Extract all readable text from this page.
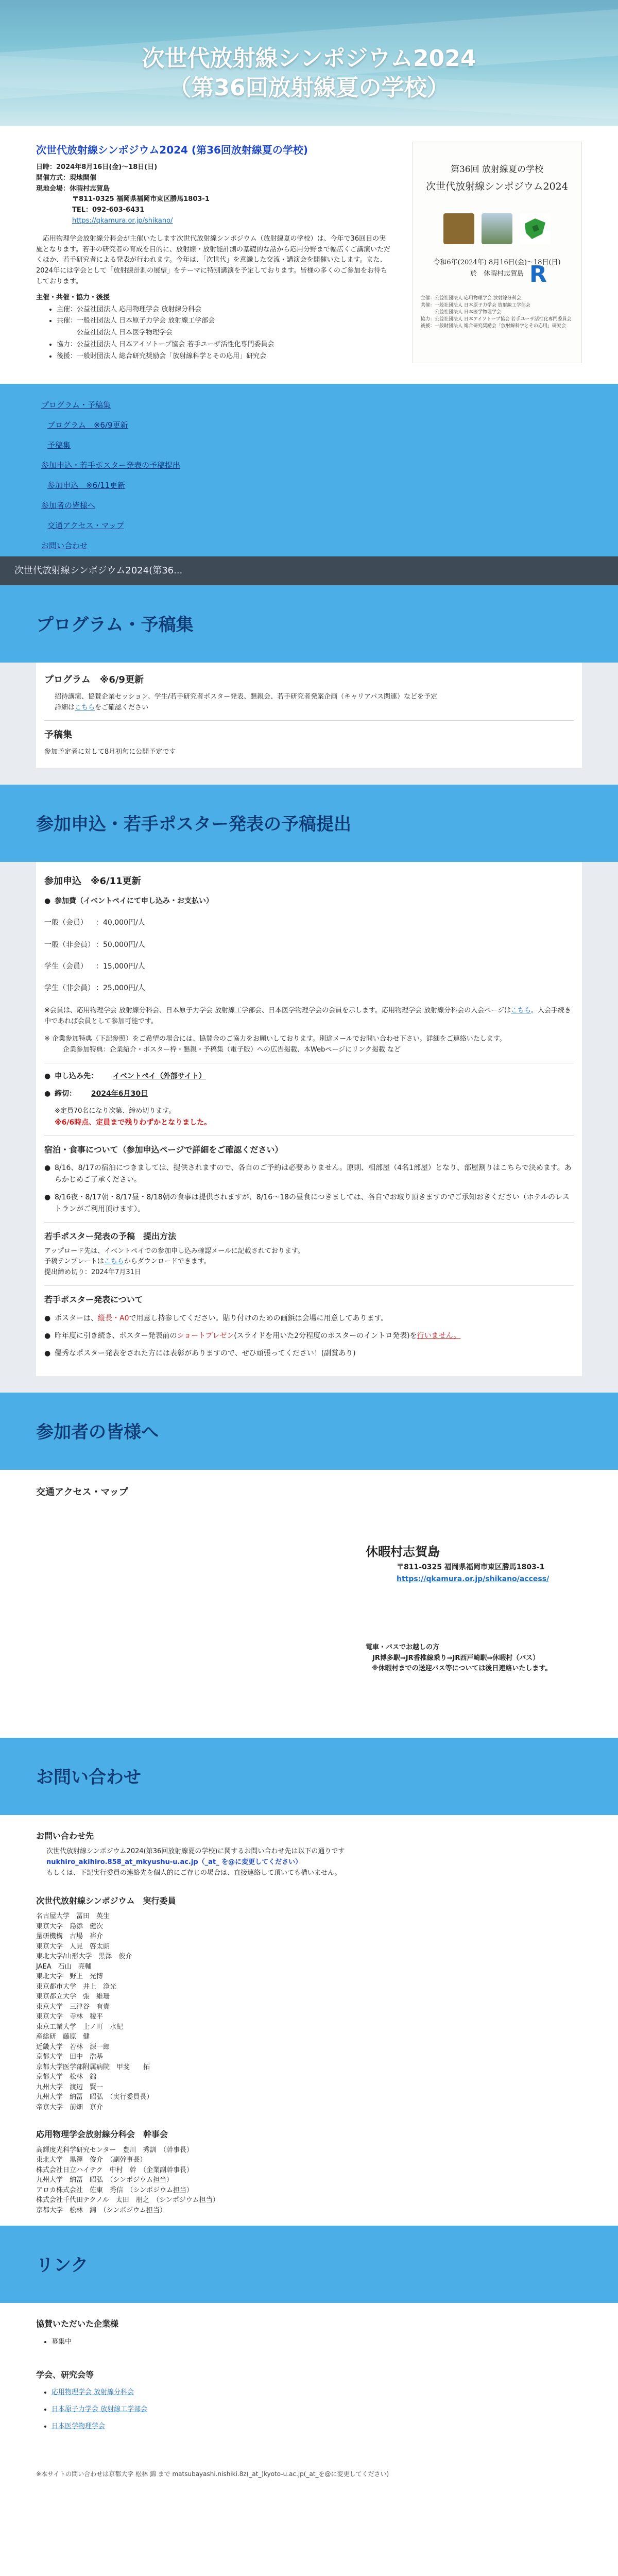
次世代放射線シンポジウム2024
（第36回放射線夏の学校）
次世代放射線シンポジウム2024 (第36回放射線夏の学校)
日時：2024年8月16日(金)〜18日(日)
開催方式：現地開催
現地会場：休暇村志賀島
〒811-0325 福岡県福岡市東区勝馬1803-1
TEL：092-603-6431
https://qkamura.or.jp/shikano/

応用物理学会放射線分科会が主催いたします次世代放射線シンポジウム（放射線夏の学校）は、今年で36回目の実施となります。若手の研究者の育成を目的に、放射線・放射能計測の基礎的な話から応用分野まで幅広くご講演いただくほか、若手研究者による発表が行われます。今年は、「次世代」を意識した交流・講演会を開催いたします。また、2024年には学会として「放射線計測の展望」をテーマに特別講演を予定しております。皆様の多くのご参加をお待ちしております。

主催・共催・協力・後援
• 主催：公益社団法人 応用物理学会 放射線分科会
• 共催：一般社団法人 日本原子力学会 放射線工学部会
　　　公益社団法人 日本医学物理学会
• 協力：公益社団法人 日本アイソトープ協会 若手ユーザ活性化専門委員会
• 後援：一般財団法人 総合研究奨励会「放射線科学とその応用」研究会
第36回 放射線夏の学校
次世代放射線シンポジウム2024
令和6年(2024年) 8月16日(金)〜18日(日)
於　休暇村志賀島
主催：公益社団法人 応用物理学会 放射線分科会
共催：一般社団法人 日本原子力学会 放射線工学部会
　　　公益社団法人 日本医学物理学会
協力：公益社団法人 日本アイソトープ協会 若手ユーザ活性化専門委員会
後援：一般財団法人 総合研究奨励会「放射線科学とその応用」研究会
R
プログラム・予稿集
プログラム　※6/9更新
予稿集
参加申込・若手ポスター発表の予稿提出
参加申込　※6/11更新
参加者の皆様へ
交通アクセス・マップ
お問い合わせ
次世代放射線シンポジウム2024(第36...
プログラム・予稿集
プログラム　※6/9更新
招待講演、協賛企業セッション、学生/若手研究者ポスター発表、懇親会、若手研究者発案企画（キャリアパス関連）などを予定
詳細はこちらをご確認ください
予稿集
参加予定者に対して8月初旬に公開予定です
参加申込・若手ポスター発表の予稿提出
参加申込　※6/11更新
● 参加費（イベントペイにて申し込み・お支払い）
一般（会員） ：40,000円/人
一般（非会員） ：50,000円/人
学生（会員） ：15,000円/人
学生（非会員） ：25,000円/人
※会員は、応用物理学会 放射線分科会、日本原子力学会 放射線工学部会、日本医学物理学会の会員を示します。応用物理学会 放射線分科会の入会ページはこちら。入会手続き中であれば会員として参加可能です。
※ 企業参加特典（下記参照）をご希望の場合には、協賛金のご協力をお願いしております。別途メールでお問い合わせ下さい。詳細をご連絡いたします。
企業参加特典：企業紹介・ポスター枠・懇親・予稿集（電子版）への広告掲載、本Webページにリンク掲載 など
● 申し込み先：
イベントペイ（外部サイト）
● 締切：
2024年6月30日
※定員70名になり次第、締め切ります。
※6/6時点、定員まで残りわずかとなりました。
宿泊・食事について（参加申込ページで詳細をご確認ください）
● 8/16、8/17の宿泊につきましては、提供されますので、各自のご予約は必要ありません。原則、相部屋（4名1部屋）となり、部屋割りはこちらで決めます。あらかじめご了承ください。
● 8/16夜・8/17朝・8/17昼・8/18朝の食事は提供されますが、8/16〜18の昼食につきましては、各自でお取り頂きますのでご承知おきください（ホテルのレストランがご利用頂けます）。
若手ポスター発表の予稿　提出方法
アップロード先は、イベントペイでの参加申し込み確認メールに記載されております。
予稿テンプレートはこちらからダウンロードできます。
提出締め切り：2024年7月31日
若手ポスター発表について
● ポスターは、縦長・A0で用意し持参してください。貼り付けのための画鋲は会場に用意してあります。
● 昨年度に引き続き、ポスター発表前のショートプレゼン(スライドを用いた2分程度のポスターのイントロ発表)を行いません。
● 優秀なポスター発表をされた方には表彰がありますので、ぜひ頑張ってください！(副賞あり)
参加者の皆様へ
交通アクセス・マップ
休暇村志賀島
〒811-0325 福岡県福岡市東区勝馬1803-1
https://qkamura.or.jp/shikano/access/
電車・バスでお越しの方
　JR博多駅⇒JR香椎線乗り⇒JR西戸崎駅⇒休暇村（バス）
※休暇村までの送迎バス等については後日連絡いたします。
お問い合わせ
お問い合わせ先
次世代放射線シンポジウム2024(第36回放射線夏の学校)に関するお問い合わせ先は以下の通りです
nukhiro_akihiro.858_at_mkyushu-u.ac.jp（_at_ を@に変更してください）
もしくは、下記実行委員の連絡先を個人的にご存じの場合は、直接連絡して頂いても構いません。
次世代放射線シンポジウム　実行委員
名古屋大学　冨田　英生
東京大学　島添　健次
量研機構　古場　裕介
東京大学　人見　啓太朗
東北大学/山形大学　黒澤　俊介
JAEA　石山　亮輔
東北大学　野上　光博
東京都市大学　井上　浄光
東京都立大学　張　維珊
東京大学　三津谷　有貴
東京大学　寺林　稜平
東京工業大学　上ノ町　水紀
産総研　藤原　健
近畿大学　若林　源一郎
京都大学　田中　浩基
京都大学医学部附属病院　甲斐　　拓
京都大学　松林　錦
九州大学　渡辺　賢一
九州大学　納冨　昭弘　（実行委員長）
帝京大学　前畑　京介
応用物理学会放射線分科会　幹事会
高輝度光科学研究センター　豊川　秀訓　（幹事長）
東北大学　黒澤　俊介　（副幹事長）
株式会社日立ハイテク　中村　幹　（企業副幹事長）
九州大学　納冨　昭弘　（シンポジウム担当）
アロカ株式会社　佐東　秀信　（シンポジウム担当）
株式会社千代田テクノル　太田　朋之　（シンポジウム担当）
京都大学　松林　錦　（シンポジウム担当）
リンク
協賛いただいた企業様
• 募集中
学会、研究会等
• 応用物理学会 放射線分科会
• 日本原子力学会 放射線工学部会
• 日本医学物理学会
※本サイトの問い合わせは京都大学 松林 錦 まで matsubayashi.nishiki.8z(_at_)kyoto-u.ac.jp(_at_を@に変更してください)
